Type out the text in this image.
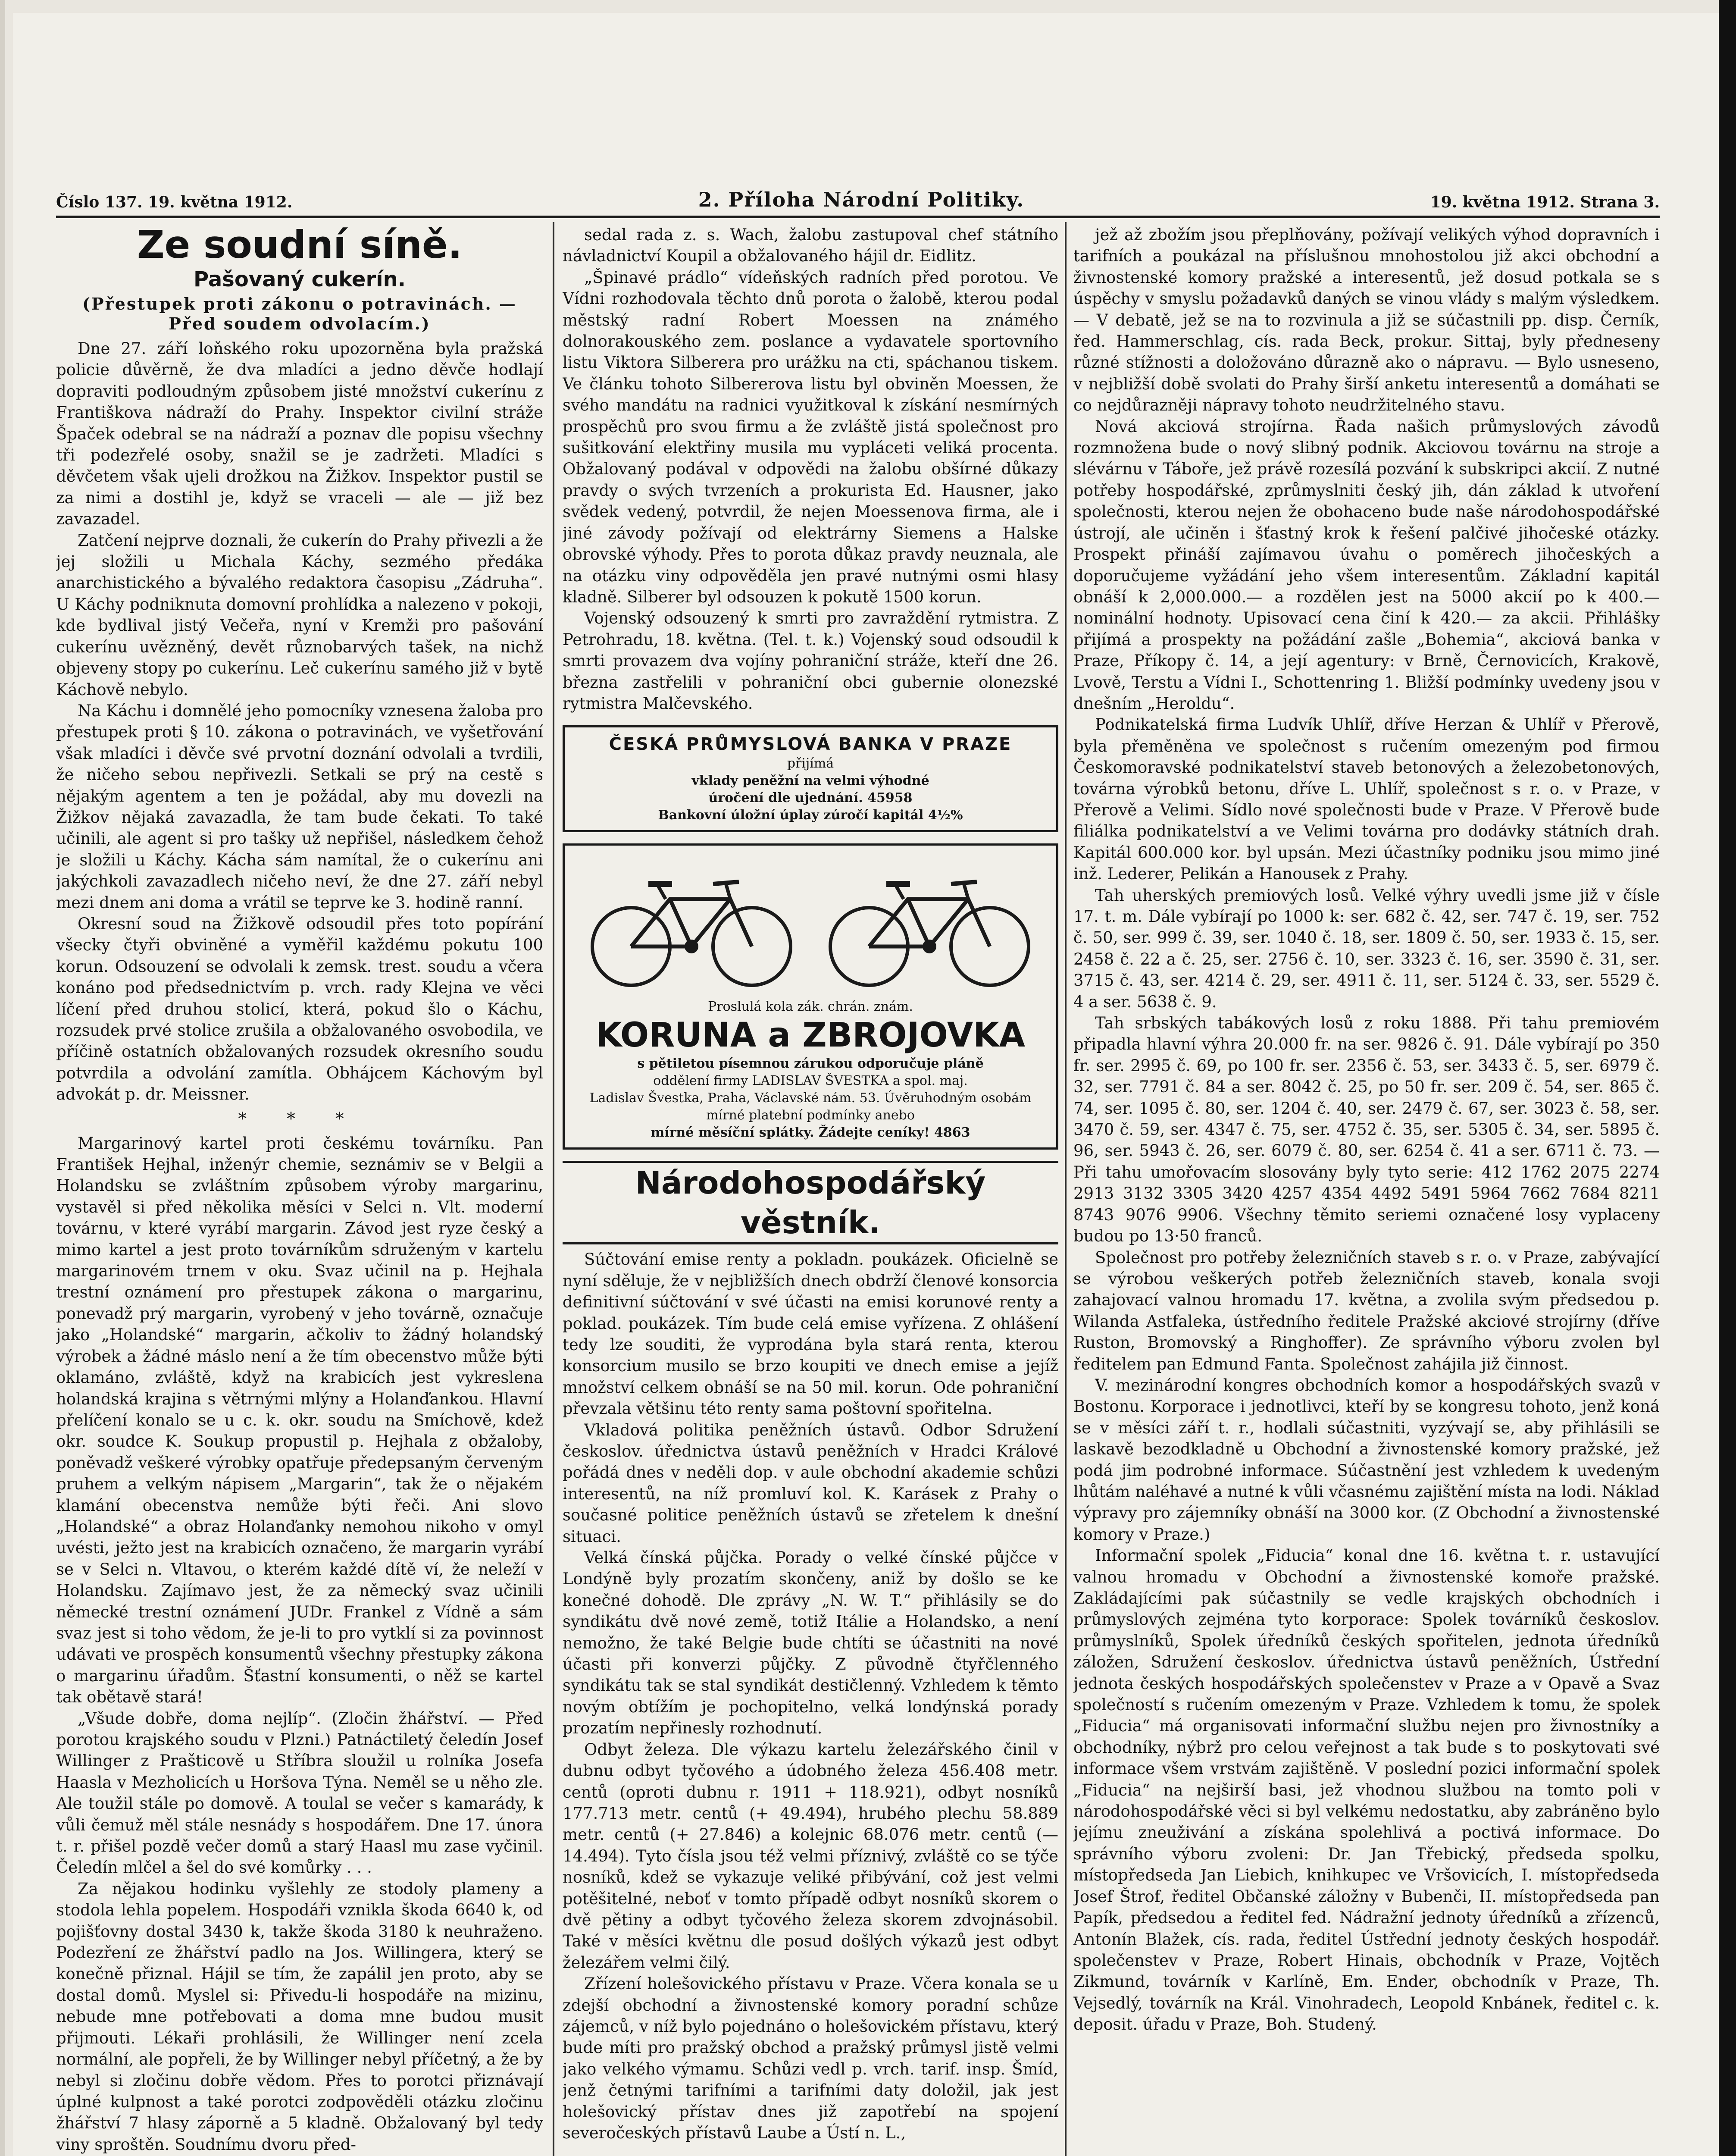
Číslo 137. 19. května 1912.	2. Příloha Národní Politiky.	19. května 1912. Strana 3.
Ze soudní síně.
Pašovaný cukerín.
(Přestupek proti zákonu o potravinách. — Před soudem odvolacím.)

Dne 27. září loňského roku upozorněna byla pražská policie důvěrně, že dva mladíci a jedno děvče hodlají dopraviti podloudným způsobem jisté množství cukerínu z Františkova nádraží do Prahy. Inspektor civilní stráže Špaček odebral se na nádraží a poznav dle popisu všechny tři podezřelé osoby, snažil se je zadržeti. Mladíci s děvčetem však ujeli drožkou na Žižkov. Inspektor pustil se za nimi a dostihl je, když se vraceli — ale — již bez zavazadel.

Zatčení nejprve doznali, že cukerín do Prahy přivezli a že jej složili u Michala Káchy, sezmého předáka anarchistického a bývalého redaktora časopisu „Zádruha“. U Káchy podniknuta domovní prohlídka a nalezeno v pokoji, kde bydlival jistý Večeřa, nyní v Kremži pro pašování cukerínu uvězněný, devět různobarvých tašek, na nichž objeveny stopy po cukerínu. Leč cukerínu samého již v bytě Káchově nebylo.

Na Káchu i domnělé jeho pomocníky vznesena žaloba pro přestupek proti § 10. zákona o potravinách, ve vyšetřování však mladíci i děvče své prvotní doznání odvolali a tvrdili, že ničeho sebou nepřivezli. Setkali se prý na cestě s nějakým agentem a ten je požádal, aby mu dovezli na Žižkov nějaká zavazadla, že tam bude čekati. To také učinili, ale agent si pro tašky už nepřišel, následkem čehož je složili u Káchy. Kácha sám namítal, že o cukerínu ani jakýchkoli zavazadlech ničeho neví, že dne 27. září nebyl mezi dnem ani doma a vrátil se teprve ke 3. hodině ranní.

Okresní soud na Žižkově odsoudil přes toto popírání všecky čtyři obviněné a vyměřil každému pokutu 100 korun. Odsouzení se odvolali k zemsk. trest. soudu a včera konáno pod předsednictvím p. vrch. rady Klejna ve věci líčení před druhou stolicí, která, pokud šlo o Káchu, rozsudek prvé stolice zrušila a obžalovaného osvobodila, ve příčině ostatních obžalovaných rozsudek okresního soudu potvrdila a odvolání zamítla. Obhájcem Káchovým byl advokát p. dr. Meissner.

* * *

Margarinový kartel proti českému továrníku. Pan František Hejhal, inženýr chemie, seznámiv se v Belgii a Holandsku se zvláštním způsobem výroby margarinu, vystavěl si před několika měsíci v Selci n. Vlt. moderní továrnu, v které vyrábí margarin. Závod jest ryze český a mimo kartel a jest proto továrníkům sdruženým v kartelu margarinovém trnem v oku. Svaz učinil na p. Hejhala trestní oznámení pro přestupek zákona o margarinu, ponevadž prý margarin, vyrobený v jeho továrně, označuje jako „Holandské“ margarin, ačkoliv to žádný holandský výrobek a žádné máslo není a že tím obecenstvo může býti oklamáno, zvláště, když na krabicích jest vykreslena holandská krajina s větrnými mlýny a Holanďankou. Hlavní přelíčení konalo se u c. k. okr. soudu na Smíchově, kdež okr. soudce K. Soukup propustil p. Hejhala z obžaloby, poněvadž veškeré výrobky opatřuje předepsaným červeným pruhem a velkým nápisem „Margarin“, tak že o nějakém klamání obecenstva nemůže býti řeči. Ani slovo „Holandské“ a obraz Holanďanky nemohou nikoho v omyl uvésti, ježto jest na krabicích označeno, že margarin vyrábí se v Selci n. Vltavou, o kterém každé dítě ví, že neleží v Holandsku. Zajímavo jest, že za německý svaz učinili německé trestní oznámení JUDr. Frankel z Vídně a sám svaz jest si toho vědom, že je-li to pro vytklí si za povinnost udávati ve prospěch konsumentů všechny přestupky zákona o margarinu úřadům. Šťastní konsumenti, o něž se kartel tak obětavě stará!

„Všude dobře, doma nejlíp“. (Zločin žhářství. — Před porotou krajského soudu v Plzni.) Patnáctiletý čeledín Josef Willinger z Prašticově u Stříbra sloužil u rolníka Josefa Haasla v Mezholicích u Horšova Týna. Neměl se u něho zle. Ale toužil stále po domově. A toulal se večer s kamarády, k vůli čemuž měl stále nesnády s hospodářem. Dne 17. února t. r. přišel pozdě večer domů a starý Haasl mu zase vyčinil. Čeledín mlčel a šel do své komůrky . . .

Za nějakou hodinku vyšlehly ze stodoly plameny a stodola lehla popelem. Hospodáři vznikla škoda 6640 k, od pojišťovny dostal 3430 k, takže škoda 3180 k neuhraženo. Podezření ze žhářství padlo na Jos. Willingera, který se konečně přiznal. Hájil se tím, že zapálil jen proto, aby se dostal domů. Myslel si: Přivedu-li hospodáře na mizinu, nebude mne potřebovati a doma mne budou musit přijmouti. Lékaři prohlásili, že Willinger není zcela normální, ale popřeli, že by Willinger nebyl příčetný, a že by nebyl si zločinu dobře vědom. Přes to porotci přiznávají úplné kulpnost a také porotci zodpověděli otázku zločinu žhářství 7 hlasy záporně a 5 kladně. Obžalovaný byl tedy viny sproštěn. Soudnímu dvoru před-

sedal rada z. s. Wach, žalobu zastupoval chef státního návladnictví Koupil a obžalovaného hájil dr. Eidlitz.

„Špinavé prádlo“ vídeňských radních před porotou. Ve Vídni rozhodovala těchto dnů porota o žalobě, kterou podal městský radní Robert Moessen na známého dolnorakouského zem. poslance a vydavatele sportovního listu Viktora Silberera pro urážku na cti, spáchanou tiskem. Ve článku tohoto Silbererova listu byl obviněn Moessen, že svého mandátu na radnici využitkoval k získání nesmírných prospěchů pro svou firmu a že zvláště jistá společnost pro sušitkování elektřiny musila mu vypláceti veliká procenta. Obžalovaný podával v odpovědi na žalobu obšírné důkazy pravdy o svých tvrzeních a prokurista Ed. Hausner, jako svědek vedený, potvrdil, že nejen Moessenova firma, ale i jiné závody požívají od elektrárny Siemens a Halske obrovské výhody. Přes to porota důkaz pravdy neuznala, ale na otázku viny odpověděla jen pravé nutnými osmi hlasy kladně. Silberer byl odsouzen k pokutě 1500 korun.

Vojenský odsouzený k smrti pro zavraždění rytmistra. Z Petrohradu, 18. května. (Tel. t. k.) Vojenský soud odsoudil k smrti provazem dva vojíny pohraniční stráže, kteří dne 26. března zastřelili v pohraniční obci gubernie olonezské rytmistra Malčevského.

ČESKÁ PRŮMYSLOVÁ BANKA V PRAZE
přijímá
vklady peněžní na velmi výhodné
úročení dle ujednání. 45958
Bankovní úložní úplay zúročí kapitál 4½%
Proslulá kola zák. chrán. znám.
KORUNA a ZBROJOVKA
s pětiletou písemnou zárukou odporučuje pláně
oddělení firmy LADISLAV ŠVESTKA a spol. maj.
Ladislav Švestka, Praha, Václavské nám. 53. Úvěruhodným osobám mírné platební podmínky anebo
mírné měsíční splátky. Žádejte ceníky! 4863
Národohospodářský věstník.

Súčtování emise renty a pokladn. poukázek. Oficielně se nyní sděluje, že v nejbližších dnech obdrží členové konsorcia definitivní súčtování v své účasti na emisi korunové renty a poklad. poukázek. Tím bude celá emise vyřízena. Z ohlášení tedy lze souditi, že vyprodána byla stará renta, kterou konsorcium musilo se brzo koupiti ve dnech emise a jejíž množství celkem obnáší se na 50 mil. korun. Ode pohraniční převzala většinu této renty sama poštovní spořitelna.

Vkladová politika peněžních ústavů. Odbor Sdružení českoslov. úřednictva ústavů peněžních v Hradci Králové pořádá dnes v neděli dop. v aule obchodní akademie schůzi interesentů, na níž promluví kol. K. Karásek z Prahy o současné politice peněžních ústavů se zřetelem k dnešní situaci.

Velká čínská půjčka. Porady o velké čínské půjčce v Londýně byly prozatím skončeny, aniž by došlo se ke konečné dohodě. Dle zprávy „N. W. T.“ přihlásily se do syndikátu dvě nové země, totiž Itálie a Holandsko, a není nemožno, že také Belgie bude chtíti se účastniti na nové účasti při konverzi půjčky. Z původně čtyřčlenného syndikátu tak se stal syndikát destičlenný. Vzhledem k těmto novým obtížím je pochopitelno, velká londýnská porady prozatím nepřinesly rozhodnutí.

Odbyt železa. Dle výkazu kartelu železářského činil v dubnu odbyt tyčového a údobného železa 456.408 metr. centů (oproti dubnu r. 1911 + 118.921), odbyt nosníků 177.713 metr. centů (+ 49.494), hrubého plechu 58.889 metr. centů (+ 27.846) a kolejnic 68.076 metr. centů (— 14.494). Tyto čísla jsou též velmi příznivý, zvláště co se týče nosníků, kdež se vykazuje veliké přibývání, což jest velmi potěšitelné, neboť v tomto případě odbyt nosníků skorem o dvě pětiny a odbyt tyčového železa skorem zdvojnásobil. Také v měsíci květnu dle posud došlých výkazů jest odbyt železářem velmi čilý.

Zřízení holešovického přístavu v Praze. Včera konala se u zdejší obchodní a živnostenské komory poradní schůze zájemců, v níž bylo pojednáno o holešovickém přístavu, který bude míti pro pražský obchod a pražský průmysl jistě velmi jako velkého výmamu. Schůzi vedl p. vrch. tarif. insp. Šmíd, jenž četnými tarifními a tarifními daty doložil, jak jest holešovický přístav dnes již zapotřebí na spojení severočeských přístavů Laube a Ústí n. L.,

jež až zbožím jsou přeplňovány, požívají velikých výhod dopravních i tarifních a poukázal na příslušnou mnohostolou již akci obchodní a živnostenské komory pražské a interesentů, jež dosud potkala se s úspěchy v smyslu požadavků daných se vinou vlády s malým výsledkem. — V debatě, jež se na to rozvinula a již se súčastnili pp. disp. Černík, řed. Hammerschlag, cís. rada Beck, prokur. Sittaj, byly předneseny různé stížnosti a doložováno důrazně ako o nápravu. — Bylo usneseno, v nejbližší době svolati do Prahy širší anketu interesentů a domáhati se co nejdůrazněji nápravy tohoto neudržitelného stavu.

Nová akciová strojírna. Řada našich průmyslových závodů rozmnožena bude o nový slibný podnik. Akciovou továrnu na stroje a slévárnu v Táboře, jež právě rozesílá pozvání k subskripci akcií. Z nutné potřeby hospodářské, zprůmyslniti český jih, dán základ k utvoření společnosti, kterou nejen že obohaceno bude naše národohospodářské ústrojí, ale učiněn i šťastný krok k řešení palčivé jihočeské otázky. Prospekt přináší zajímavou úvahu o poměrech jihočeských a doporučujeme vyžádání jeho všem interesentům. Základní kapitál obnáší k 2,000.000.— a rozdělen jest na 5000 akcií po k 400.— nominální hodnoty. Upisovací cena činí k 420.— za akcii. Přihlášky přijímá a prospekty na požádání zašle „Bohemia“, akciová banka v Praze, Příkopy č. 14, a její agentury: v Brně, Černovicích, Krakově, Lvově, Terstu a Vídni I., Schottenring 1. Bližší podmínky uvedeny jsou v dnešním „Heroldu“.

Podnikatelská firma Ludvík Uhlíř, dříve Herzan & Uhlíř v Přerově, byla přeměněna ve společnost s ručením omezeným pod firmou Českomoravské podnikatelství staveb betonových a železobetonových, továrna výrobků betonu, dříve L. Uhlíř, společnost s r. o. v Praze, v Přerově a Velimi. Sídlo nové společnosti bude v Praze. V Přerově bude filiálka podnikatelství a ve Velimi továrna pro dodávky státních drah. Kapitál 600.000 kor. byl upsán. Mezi účastníky podniku jsou mimo jiné inž. Lederer, Pelikán a Hanousek z Prahy.

Tah uherských premiových losů. Velké výhry uvedli jsme již v čísle 17. t. m. Dále vybírají po 1000 k: ser. 682 č. 42, ser. 747 č. 19, ser. 752 č. 50, ser. 999 č. 39, ser. 1040 č. 18, ser. 1809 č. 50, ser. 1933 č. 15, ser. 2458 č. 22 a č. 25, ser. 2756 č. 10, ser. 3323 č. 16, ser. 3590 č. 31, ser. 3715 č. 43, ser. 4214 č. 29, ser. 4911 č. 11, ser. 5124 č. 33, ser. 5529 č. 4 a ser. 5638 č. 9.

Tah srbských tabákových losů z roku 1888. Při tahu premiovém připadla hlavní výhra 20.000 fr. na ser. 9826 č. 91. Dále vybírají po 350 fr. ser. 2995 č. 69, po 100 fr. ser. 2356 č. 53, ser. 3433 č. 5, ser. 6979 č. 32, ser. 7791 č. 84 a ser. 8042 č. 25, po 50 fr. ser. 209 č. 54, ser. 865 č. 74, ser. 1095 č. 80, ser. 1204 č. 40, ser. 2479 č. 67, ser. 3023 č. 58, ser. 3470 č. 59, ser. 4347 č. 75, ser. 4752 č. 35, ser. 5305 č. 34, ser. 5895 č. 96, ser. 5943 č. 26, ser. 6079 č. 80, ser. 6254 č. 41 a ser. 6711 č. 73. — Při tahu umořovacím slosovány byly tyto serie: 412 1762 2075 2274 2913 3132 3305 3420 4257 4354 4492 5491 5964 7662 7684 8211 8743 9076 9906. Všechny těmito seriemi označené losy vyplaceny budou po 13·50 franců.

Společnost pro potřeby železničních staveb s r. o. v Praze, zabývající se výrobou veškerých potřeb železničních staveb, konala svoji zahajovací valnou hromadu 17. května, a zvolila svým předsedou p. Wilanda Astfaleka, ústředního ředitele Pražské akciové strojírny (dříve Ruston, Bromovský a Ringhoffer). Ze správního výboru zvolen byl ředitelem pan Edmund Fanta. Společnost zahájila již činnost.

V. mezinárodní kongres obchodních komor a hospodářských svazů v Bostonu. Korporace i jednotlivci, kteří by se kongresu tohoto, jenž koná se v měsíci září t. r., hodlali súčastniti, vyzývají se, aby přihlásili se laskavě bezodkladně u Obchodní a živnostenské komory pražské, jež podá jim podrobné informace. Súčastnění jest vzhledem k uvedeným lhůtám naléhavé a nutné k vůli včasnému zajištění místa na lodi. Náklad výpravy pro zájemníky obnáší na 3000 kor. (Z Obchodní a živnostenské komory v Praze.)

Informační spolek „Fiducia“ konal dne 16. května t. r. ustavující valnou hromadu v Obchodní a živnostenské komoře pražské. Zakládajícími pak súčastnily se vedle krajských obchodních i průmyslových zejména tyto korporace: Spolek továrníků českoslov. průmyslníků, Spolek úředníků českých spořitelen, jednota úředníků záložen, Sdružení českoslov. úřednictva ústavů peněžních, Ústřední jednota českých hospodářských společenstev v Praze a v Opavě a Svaz společností s ručením omezeným v Praze. Vzhledem k tomu, že spolek „Fiducia“ má organisovati informační službu nejen pro živnostníky a obchodníky, nýbrž pro celou veřejnost a tak bude s to poskytovati své informace všem vrstvám zajištěně. V poslední pozici informační spolek „Fiducia“ na nejširší basi, jež vhodnou službou na tomto poli v národohospodářské věci si byl velkému nedostatku, aby zabráněno bylo jejímu zneuživání a získána spolehlivá a poctivá informace. Do správního výboru zvoleni: Dr. Jan Třebický, předseda spolku, místopředseda Jan Liebich, knihkupec ve Vršovicích, I. místopředseda Josef Štrof, ředitel Občanské záložny v Bubenči, II. místopředseda pan Papík, předsedou a ředitel fed. Nádražní jednoty úředníků a zřízenců, Antonín Blažek, cís. rada, ředitel Ústřední jednoty českých hospodář. společenstev v Praze, Robert Hinais, obchodník v Praze, Vojtěch Zikmund, továrník v Karlíně, Em. Ender, obchodník v Praze, Th. Vejsedlý, továrník na Král. Vinohradech, Leopold Knbánek, ředitel c. k. deposit. úřadu v Praze, Boh. Studený.
